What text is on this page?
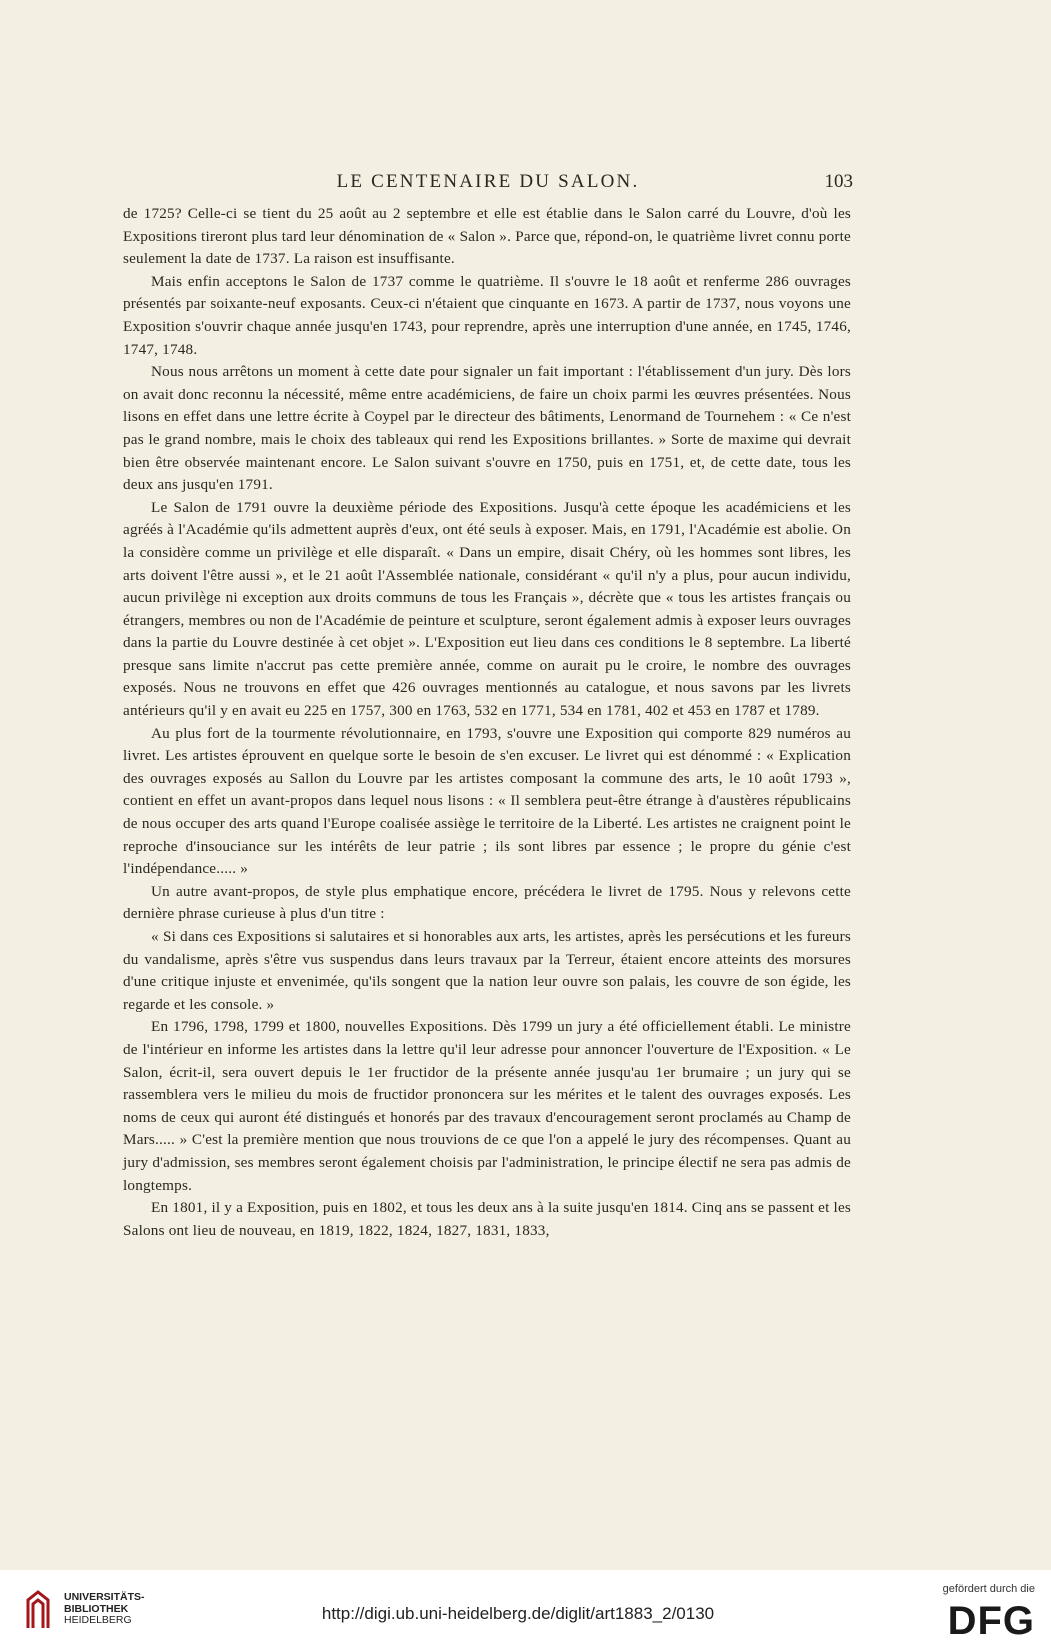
LE CENTENAIRE DU SALON.	103

de 1725? Celle-ci se tient du 25 août au 2 septembre et elle est établie dans le Salon carré du Louvre, d'où les Expositions tireront plus tard leur dénomination de « Salon ». Parce que, répond-on, le quatrième livret connu porte seulement la date de 1737. La raison est insuffisante.

Mais enfin acceptons le Salon de 1737 comme le quatrième. Il s'ouvre le 18 août et renferme 286 ouvrages présentés par soixante-neuf exposants. Ceux-ci n'étaient que cinquante en 1673. A partir de 1737, nous voyons une Exposition s'ouvrir chaque année jusqu'en 1743, pour reprendre, après une interruption d'une année, en 1745, 1746, 1747, 1748.

Nous nous arrêtons un moment à cette date pour signaler un fait important : l'établissement d'un jury. Dès lors on avait donc reconnu la nécessité, même entre académiciens, de faire un choix parmi les œuvres présentées. Nous lisons en effet dans une lettre écrite à Coypel par le directeur des bâtiments, Lenormand de Tournehem : « Ce n'est pas le grand nombre, mais le choix des tableaux qui rend les Expositions brillantes. » Sorte de maxime qui devrait bien être observée maintenant encore. Le Salon suivant s'ouvre en 1750, puis en 1751, et, de cette date, tous les deux ans jusqu'en 1791.

Le Salon de 1791 ouvre la deuxième période des Expositions. Jusqu'à cette époque les académiciens et les agréés à l'Académie qu'ils admettent auprès d'eux, ont été seuls à exposer. Mais, en 1791, l'Académie est abolie. On la considère comme un privilège et elle disparaît. « Dans un empire, disait Chéry, où les hommes sont libres, les arts doivent l'être aussi », et le 21 août l'Assemblée nationale, considérant « qu'il n'y a plus, pour aucun individu, aucun privilège ni exception aux droits communs de tous les Français », décrète que « tous les artistes français ou étrangers, membres ou non de l'Académie de peinture et sculpture, seront également admis à exposer leurs ouvrages dans la partie du Louvre destinée à cet objet ». L'Exposition eut lieu dans ces conditions le 8 septembre. La liberté presque sans limite n'accrut pas cette première année, comme on aurait pu le croire, le nombre des ouvrages exposés. Nous ne trouvons en effet que 426 ouvrages mentionnés au catalogue, et nous savons par les livrets antérieurs qu'il y en avait eu 225 en 1757, 300 en 1763, 532 en 1771, 534 en 1781, 402 et 453 en 1787 et 1789.

Au plus fort de la tourmente révolutionnaire, en 1793, s'ouvre une Exposition qui comporte 829 numéros au livret. Les artistes éprouvent en quelque sorte le besoin de s'en excuser. Le livret qui est dénommé : « Explication des ouvrages exposés au Sallon du Louvre par les artistes composant la commune des arts, le 10 août 1793 », contient en effet un avant-propos dans lequel nous lisons : « Il semblera peut-être étrange à d'austères républicains de nous occuper des arts quand l'Europe coalisée assiège le territoire de la Liberté. Les artistes ne craignent point le reproche d'insouciance sur les intérêts de leur patrie ; ils sont libres par essence ; le propre du génie c'est l'indépendance..... »

Un autre avant-propos, de style plus emphatique encore, précédera le livret de 1795. Nous y relevons cette dernière phrase curieuse à plus d'un titre :

« Si dans ces Expositions si salutaires et si honorables aux arts, les artistes, après les persécutions et les fureurs du vandalisme, après s'être vus suspendus dans leurs travaux par la Terreur, étaient encore atteints des morsures d'une critique injuste et envenimée, qu'ils songent que la nation leur ouvre son palais, les couvre de son égide, les regarde et les console. »

En 1796, 1798, 1799 et 1800, nouvelles Expositions. Dès 1799 un jury a été officiellement établi. Le ministre de l'intérieur en informe les artistes dans la lettre qu'il leur adresse pour annoncer l'ouverture de l'Exposition. « Le Salon, écrit-il, sera ouvert depuis le 1er fructidor de la présente année jusqu'au 1er brumaire ; un jury qui se rassemblera vers le milieu du mois de fructidor prononcera sur les mérites et le talent des ouvrages exposés. Les noms de ceux qui auront été distingués et honorés par des travaux d'encouragement seront proclamés au Champ de Mars..... » C'est la première mention que nous trouvions de ce que l'on a appelé le jury des récompenses. Quant au jury d'admission, ses membres seront également choisis par l'administration, le principe électif ne sera pas admis de longtemps.

En 1801, il y a Exposition, puis en 1802, et tous les deux ans à la suite jusqu'en 1814. Cinq ans se passent et les Salons ont lieu de nouveau, en 1819, 1822, 1824, 1827, 1831, 1833,

UNIVERSITÄTS-
BIBLIOTHEK
HEIDELBERG	http://digi.ub.uni-heidelberg.de/diglit/art1883_2/0130
gefördert durch die
DFG
